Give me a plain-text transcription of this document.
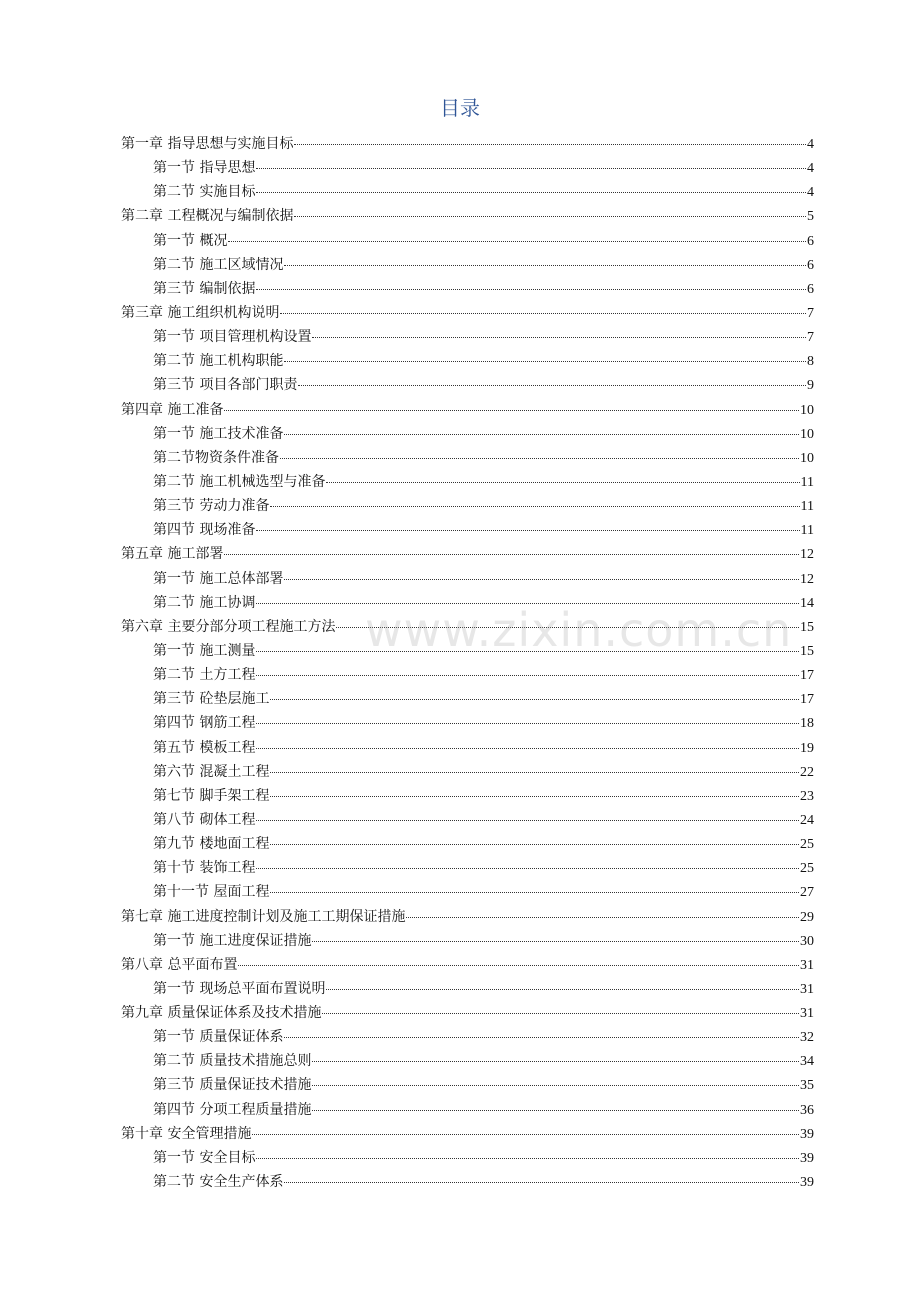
目录
第一章 指导思想与实施目标	4
第一节 指导思想	4
第二节 实施目标	4
第二章 工程概况与编制依据	5
第一节 概况	6
第二节 施工区域情况	6
第三节 编制依据	6
第三章 施工组织机构说明	7
第一节 项目管理机构设置	7
第二节 施工机构职能	8
第三节 项目各部门职责	9
第四章 施工准备	10
第一节 施工技术准备	10
第二节物资条件准备	10
第二节 施工机械选型与准备	11
第三节 劳动力准备	11
第四节 现场准备	11
第五章 施工部署	12
第一节 施工总体部署	12
第二节 施工协调	14
第六章 主要分部分项工程施工方法	15
第一节 施工测量	15
第二节 土方工程	17
第三节 砼垫层施工	17
第四节 钢筋工程	18
第五节 模板工程	19
第六节 混凝土工程	22
第七节 脚手架工程	23
第八节 砌体工程	24
第九节 楼地面工程	25
第十节 装饰工程	25
第十一节 屋面工程	27
第七章 施工进度控制计划及施工工期保证措施	29
第一节 施工进度保证措施	30
第八章 总平面布置	31
第一节 现场总平面布置说明	31
第九章 质量保证体系及技术措施	31
第一节 质量保证体系	32
第二节 质量技术措施总则	34
第三节 质量保证技术措施	35
第四节 分项工程质量措施	36
第十章 安全管理措施	39
第一节 安全目标	39
第二节 安全生产体系	39
www.zixin.com.cn
